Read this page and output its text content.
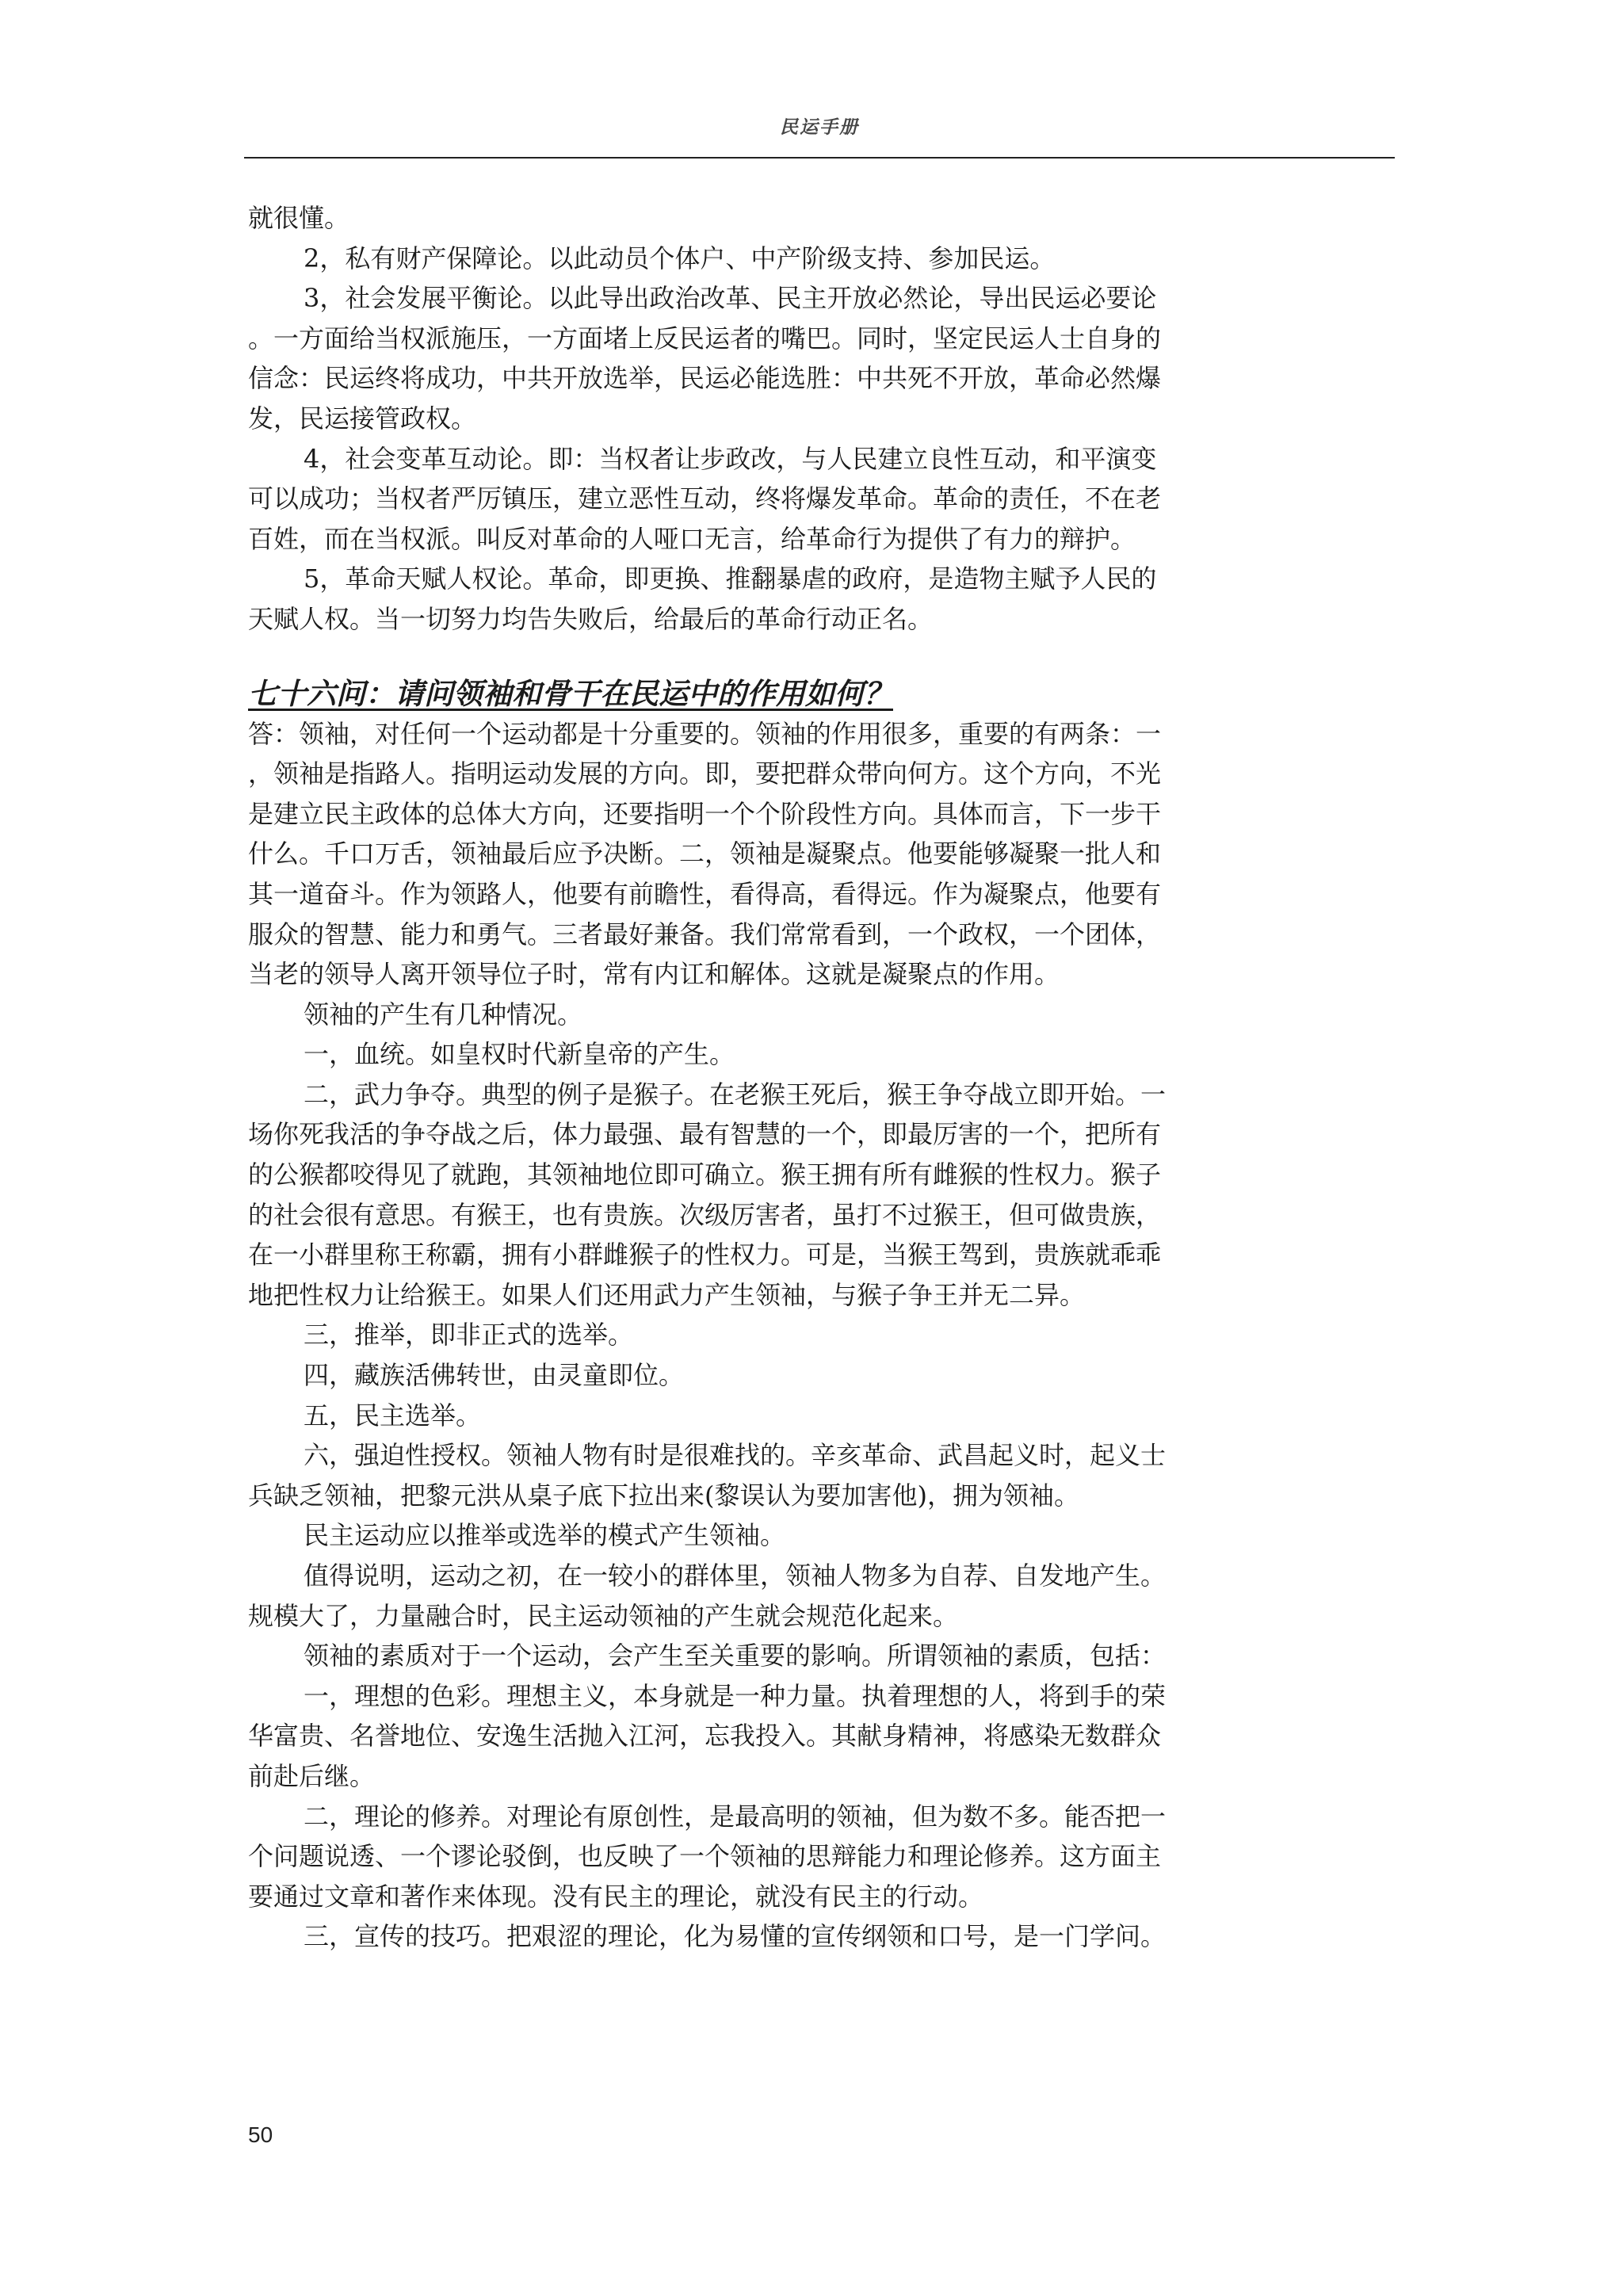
民运手册
就很懂。
2，私有财产保障论。以此动员个体户、中产阶级支持、参加民运。
3，社会发展平衡论。以此导出政治改革、民主开放必然论，导出民运必要论
。一方面给当权派施压，一方面堵上反民运者的嘴巴。同时，坚定民运人士自身的
信念：民运终将成功，中共开放选举，民运必能选胜：中共死不开放，革命必然爆
发，民运接管政权。
4，社会变革互动论。即：当权者让步政改，与人民建立良性互动，和平演变
可以成功；当权者严厉镇压，建立恶性互动，终将爆发革命。革命的责任，不在老
百姓，而在当权派。叫反对革命的人哑口无言，给革命行为提供了有力的辩护。
5，革命天赋人权论。革命，即更换、推翻暴虐的政府，是造物主赋予人民的
天赋人权。当一切努力均告失败后，给最后的革命行动正名。
七十六问：请问领袖和骨干在民运中的作用如何？
答：领袖，对任何一个运动都是十分重要的。领袖的作用很多，重要的有两条：一
，领袖是指路人。指明运动发展的方向。即，要把群众带向何方。这个方向，不光
是建立民主政体的总体大方向，还要指明一个个阶段性方向。具体而言，下一步干
什么。千口万舌，领袖最后应予决断。二，领袖是凝聚点。他要能够凝聚一批人和
其一道奋斗。作为领路人，他要有前瞻性，看得高，看得远。作为凝聚点，他要有
服众的智慧、能力和勇气。三者最好兼备。我们常常看到，一个政权，一个团体，
当老的领导人离开领导位子时，常有内讧和解体。这就是凝聚点的作用。
领袖的产生有几种情况。
一，血统。如皇权时代新皇帝的产生。
二，武力争夺。典型的例子是猴子。在老猴王死后，猴王争夺战立即开始。一
场你死我活的争夺战之后，体力最强、最有智慧的一个，即最厉害的一个，把所有
的公猴都咬得见了就跑，其领袖地位即可确立。猴王拥有所有雌猴的性权力。猴子
的社会很有意思。有猴王，也有贵族。次级厉害者，虽打不过猴王，但可做贵族，
在一小群里称王称霸，拥有小群雌猴子的性权力。可是，当猴王驾到，贵族就乖乖
地把性权力让给猴王。如果人们还用武力产生领袖，与猴子争王并无二异。
三，推举，即非正式的选举。
四，藏族活佛转世，由灵童即位。
五，民主选举。
六，强迫性授权。领袖人物有时是很难找的。辛亥革命、武昌起义时，起义士
兵缺乏领袖，把黎元洪从桌子底下拉出来(黎误认为要加害他)，拥为领袖。
民主运动应以推举或选举的模式产生领袖。
值得说明，运动之初，在一较小的群体里，领袖人物多为自荐、自发地产生。
规模大了，力量融合时，民主运动领袖的产生就会规范化起来。
领袖的素质对于一个运动，会产生至关重要的影响。所谓领袖的素质，包括：
一，理想的色彩。理想主义，本身就是一种力量。执着理想的人，将到手的荣
华富贵、名誉地位、安逸生活抛入江河，忘我投入。其献身精神，将感染无数群众
前赴后继。
二，理论的修养。对理论有原创性，是最高明的领袖，但为数不多。能否把一
个问题说透、一个谬论驳倒，也反映了一个领袖的思辩能力和理论修养。这方面主
要通过文章和著作来体现。没有民主的理论，就没有民主的行动。
三，宣传的技巧。把艰涩的理论，化为易懂的宣传纲领和口号，是一门学问。
50
